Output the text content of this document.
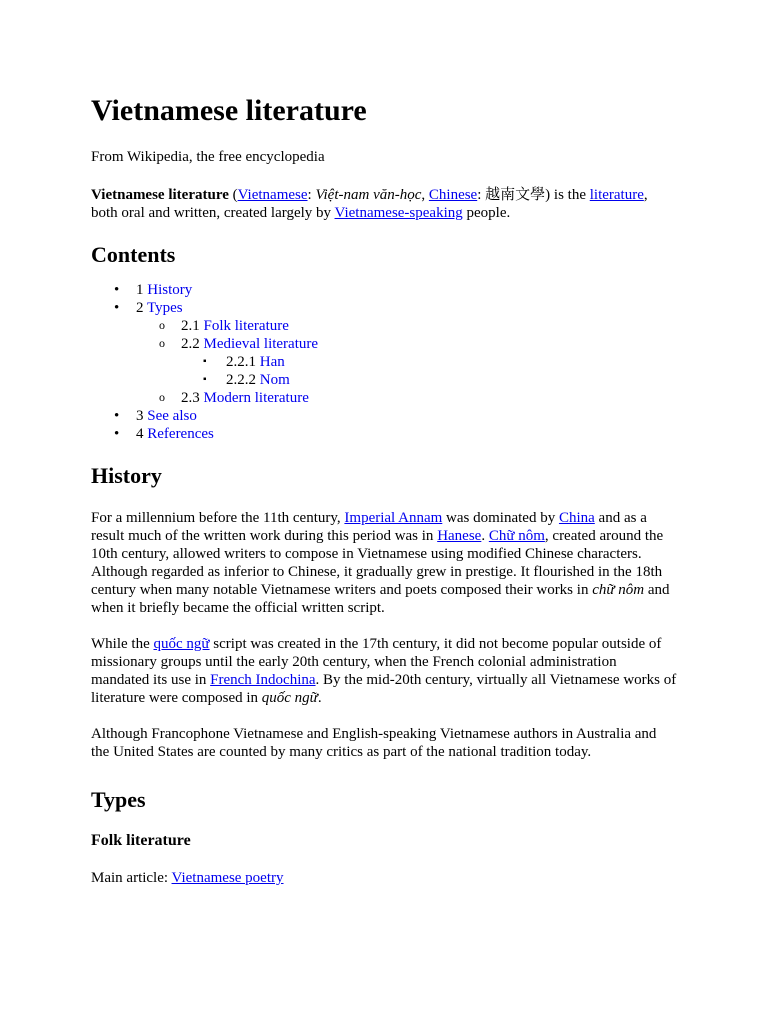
Vietnamese literature

From Wikipedia, the free encyclopedia

Vietnamese literature (Vietnamese: Việt-nam văn-học, Chinese: 越南文學) is the literature, both oral and written, created largely by Vietnamese-speaking people.

Contents
• 1 History
• 2 Types
o 2.1 Folk literature
o 2.2 Medieval literature
▪ 2.2.1 Han
▪ 2.2.2 Nom
o 2.3 Modern literature
• 3 See also
• 4 References
History

For a millennium before the 11th century, Imperial Annam was dominated by China and as a result much of the written work during this period was in Hanese. Chữ nôm, created around the 10th century, allowed writers to compose in Vietnamese using modified Chinese characters. Although regarded as inferior to Chinese, it gradually grew in prestige. It flourished in the 18th century when many notable Vietnamese writers and poets composed their works in chữ nôm and when it briefly became the official written script.

While the quốc ngữ script was created in the 17th century, it did not become popular outside of missionary groups until the early 20th century, when the French colonial administration mandated its use in French Indochina. By the mid-20th century, virtually all Vietnamese works of literature were composed in quốc ngữ.

Although Francophone Vietnamese and English-speaking Vietnamese authors in Australia and the United States are counted by many critics as part of the national tradition today.

Types
Folk literature

Main article: Vietnamese poetry
